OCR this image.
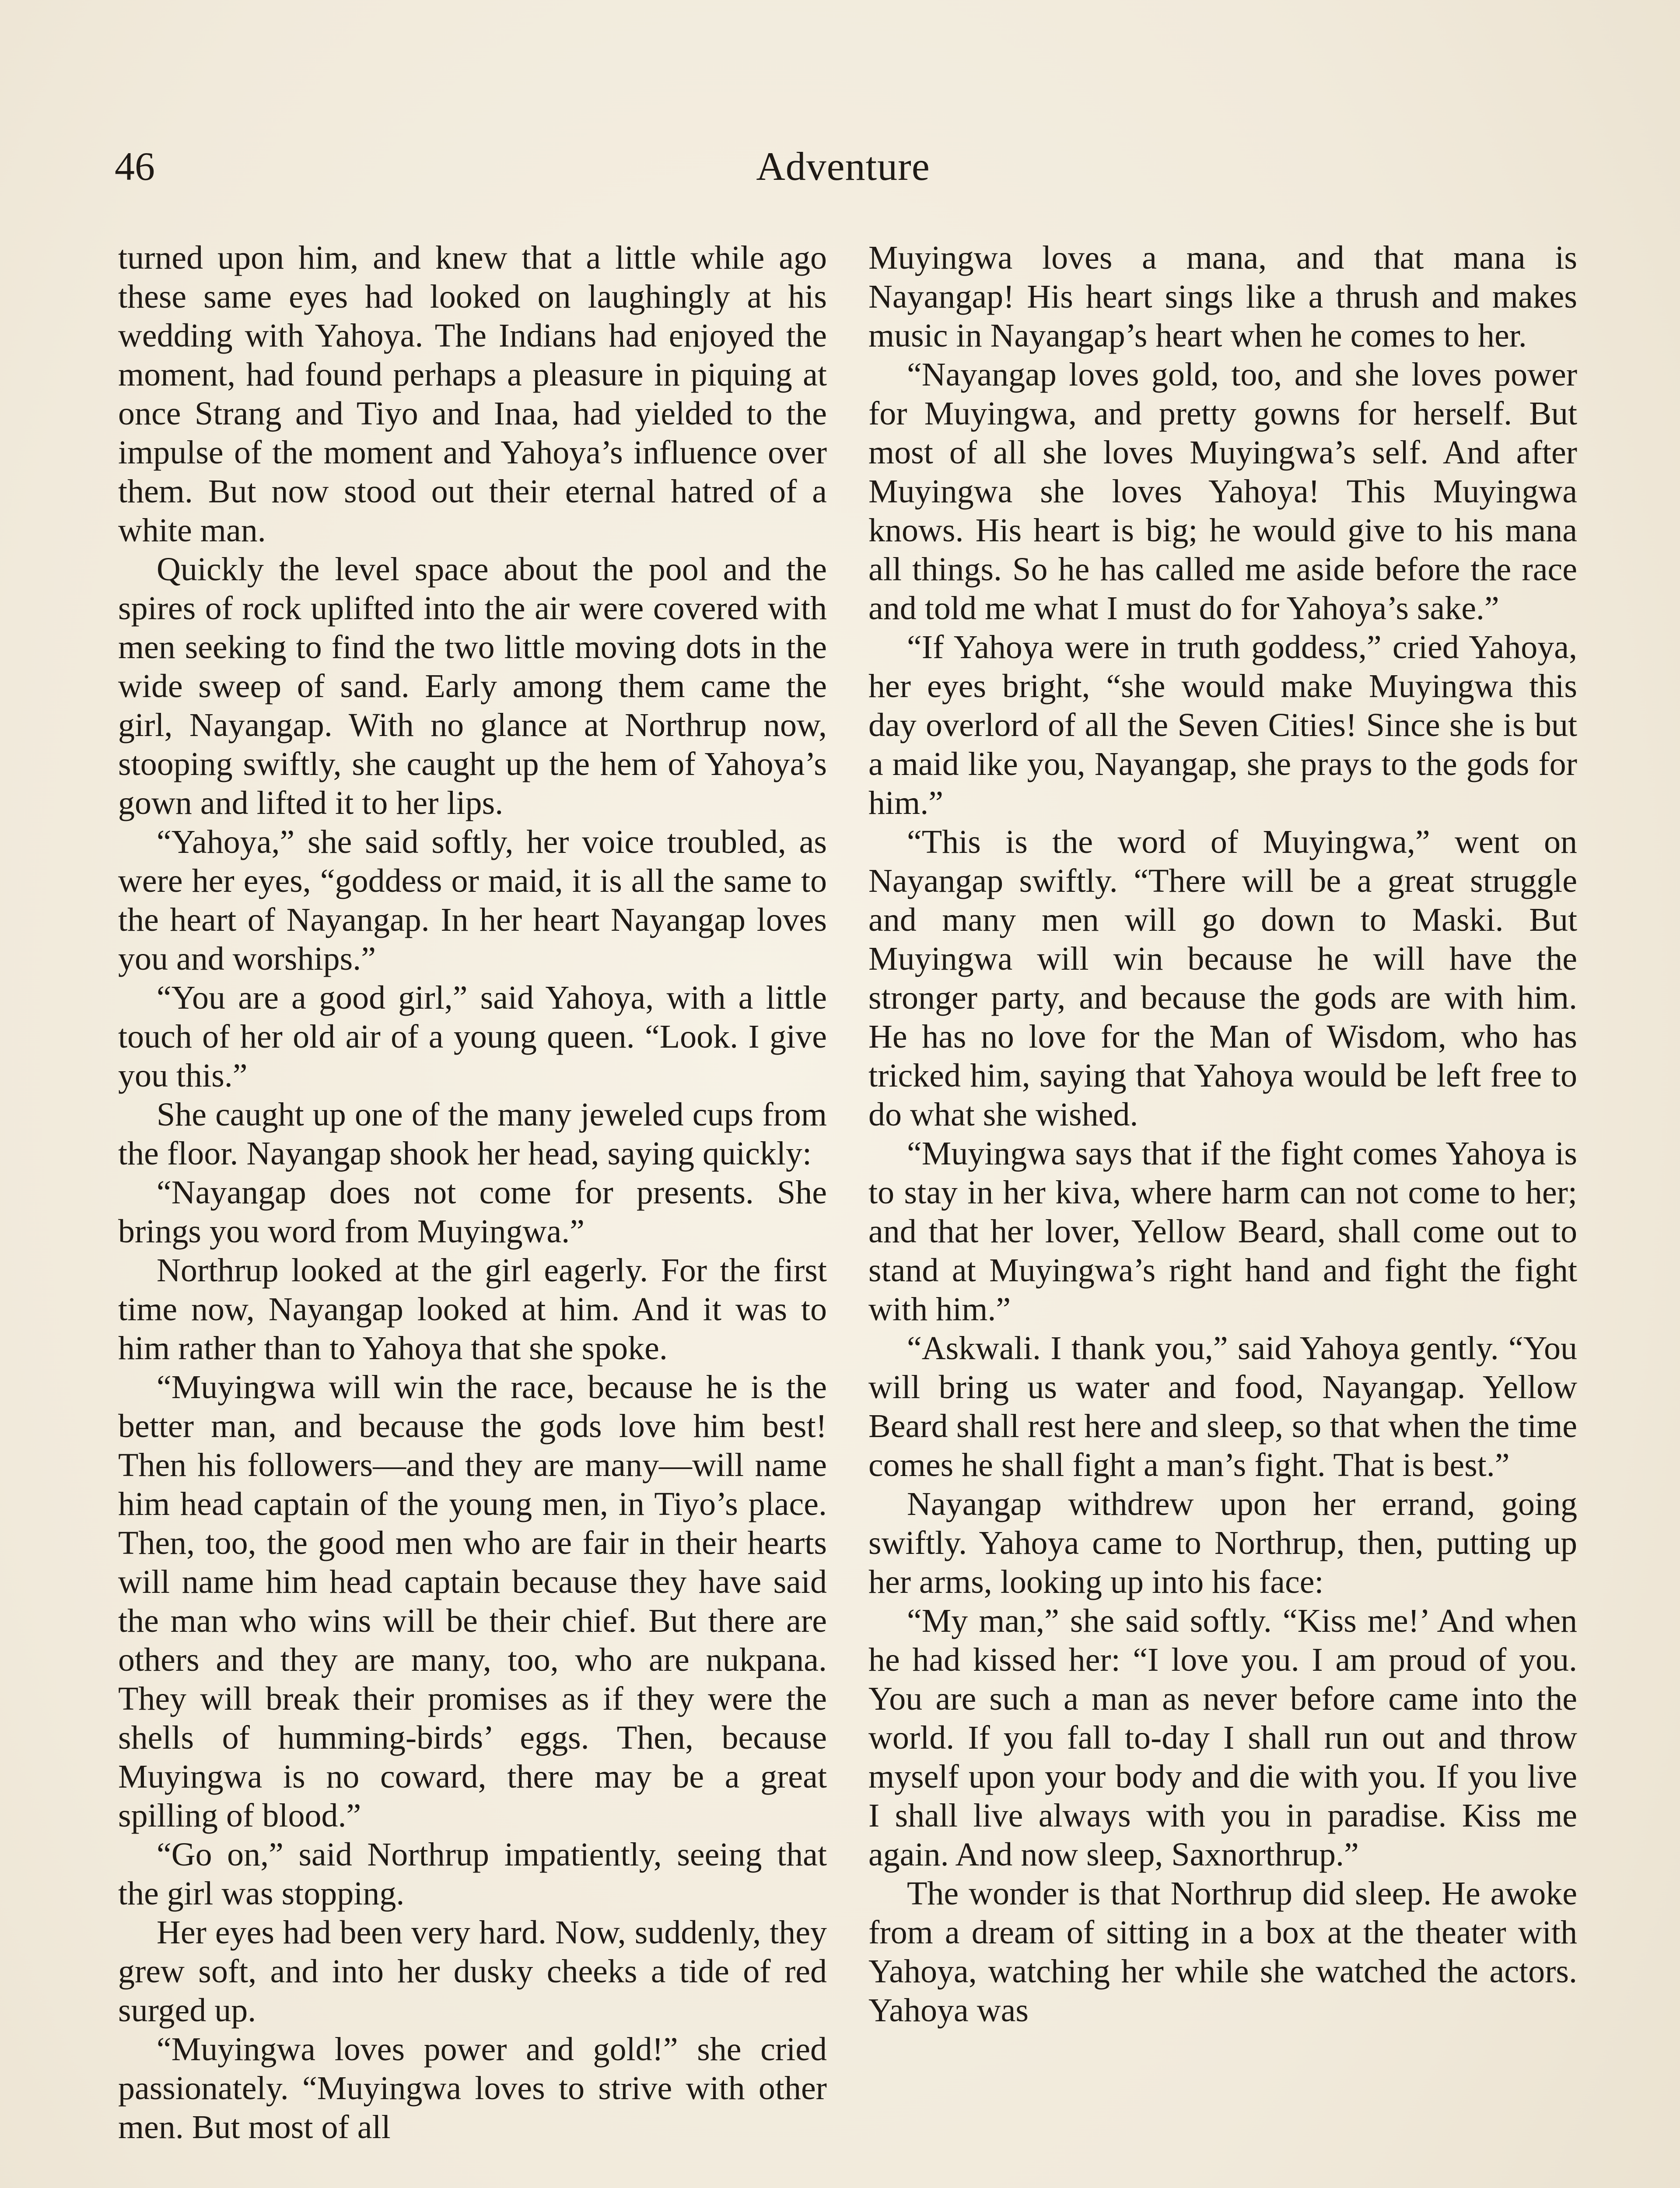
46	Adventure

turned upon him, and knew that a little while ago these same eyes had looked on laughingly at his wedding with Yahoya. The Indians had enjoyed the moment, had found perhaps a pleasure in piquing at once Strang and Tiyo and Inaa, had yielded to the impulse of the moment and Yahoya’s influence over them. But now stood out their eternal hatred of a white man.

Quickly the level space about the pool and the spires of rock uplifted into the air were covered with men seeking to find the two little moving dots in the wide sweep of sand. Early among them came the girl, Nayangap. With no glance at Northrup now, stooping swiftly, she caught up the hem of Yahoya’s gown and lifted it to her lips.

“Yahoya,” she said softly, her voice troubled, as were her eyes, “goddess or maid, it is all the same to the heart of Nayangap. In her heart Nayangap loves you and worships.”

“You are a good girl,” said Yahoya, with a little touch of her old air of a young queen. “Look. I give you this.”

She caught up one of the many jeweled cups from the floor. Nayangap shook her head, saying quickly:

“Nayangap does not come for presents. She brings you word from Muyingwa.”

Northrup looked at the girl eagerly. For the first time now, Nayangap looked at him. And it was to him rather than to Yahoya that she spoke.

“Muyingwa will win the race, because he is the better man, and because the gods love him best! Then his followers—and they are many—will name him head captain of the young men, in Tiyo’s place. Then, too, the good men who are fair in their hearts will name him head captain because they have said the man who wins will be their chief. But there are others and they are many, too, who are nukpana. They will break their promises as if they were the shells of humming-birds’ eggs. Then, because Muyingwa is no coward, there may be a great spilling of blood.”

“Go on,” said Northrup impatiently, seeing that the girl was stopping.

Her eyes had been very hard. Now, suddenly, they grew soft, and into her dusky cheeks a tide of red surged up.

“Muyingwa loves power and gold!” she cried passionately. “Muyingwa loves to strive with other men. But most of all

Muyingwa loves a mana, and that mana is Nayangap! His heart sings like a thrush and makes music in Nayangap’s heart when he comes to her.

“Nayangap loves gold, too, and she loves power for Muyingwa, and pretty gowns for herself. But most of all she loves Muyingwa’s self. And after Muyingwa she loves Yahoya! This Muyingwa knows. His heart is big; he would give to his mana all things. So he has called me aside before the race and told me what I must do for Yahoya’s sake.”

“If Yahoya were in truth goddess,” cried Yahoya, her eyes bright, “she would make Muyingwa this day overlord of all the Seven Cities! Since she is but a maid like you, Nayangap, she prays to the gods for him.”

“This is the word of Muyingwa,” went on Nayangap swiftly. “There will be a great struggle and many men will go down to Maski. But Muyingwa will win because he will have the stronger party, and because the gods are with him. He has no love for the Man of Wisdom, who has tricked him, saying that Yahoya would be left free to do what she wished.

“Muyingwa says that if the fight comes Yahoya is to stay in her kiva, where harm can not come to her; and that her lover, Yellow Beard, shall come out to stand at Muyingwa’s right hand and fight the fight with him.”

“Askwali. I thank you,” said Yahoya gently. “You will bring us water and food, Nayangap. Yellow Beard shall rest here and sleep, so that when the time comes he shall fight a man’s fight. That is best.”

Nayangap withdrew upon her errand, going swiftly. Yahoya came to Northrup, then, putting up her arms, looking up into his face:

“My man,” she said softly. “Kiss me!’ And when he had kissed her: “I love you. I am proud of you. You are such a man as never before came into the world. If you fall to-day I shall run out and throw myself upon your body and die with you. If you live I shall live always with you in paradise. Kiss me again. And now sleep, Saxnorthrup.”

The wonder is that Northrup did sleep. He awoke from a dream of sitting in a box at the theater with Yahoya, watching her while she watched the actors. Yahoya was
